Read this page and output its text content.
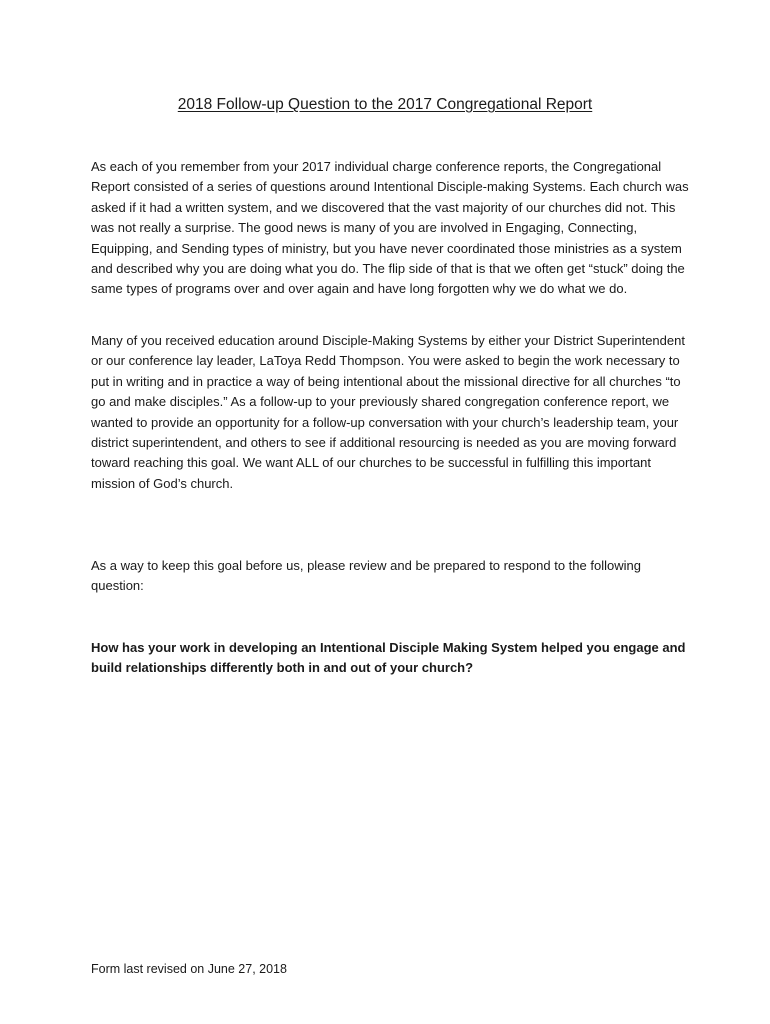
2018 Follow-up Question to the 2017 Congregational Report

As each of you remember from your 2017 individual charge conference reports, the Congregational Report consisted of a series of questions around Intentional Disciple-making Systems. Each church was asked if it had a written system, and we discovered that the vast majority of our churches did not. This was not really a surprise. The good news is many of you are involved in Engaging, Connecting, Equipping, and Sending types of ministry, but you have never coordinated those ministries as a system and described why you are doing what you do. The flip side of that is that we often get “stuck” doing the same types of programs over and over again and have long forgotten why we do what we do.

Many of you received education around Disciple-Making Systems by either your District Superintendent or our conference lay leader, LaToya Redd Thompson. You were asked to begin the work necessary to put in writing and in practice a way of being intentional about the missional directive for all churches “to go and make disciples.” As a follow-up to your previously shared congregation conference report, we wanted to provide an opportunity for a follow-up conversation with your church’s leadership team, your district superintendent, and others to see if additional resourcing is needed as you are moving forward toward reaching this goal. We want ALL of our churches to be successful in fulfilling this important mission of God’s church.

As a way to keep this goal before us, please review and be prepared to respond to the following question:

How has your work in developing an Intentional Disciple Making System helped you engage and build relationships differently both in and out of your church?

Form last revised on June 27, 2018
